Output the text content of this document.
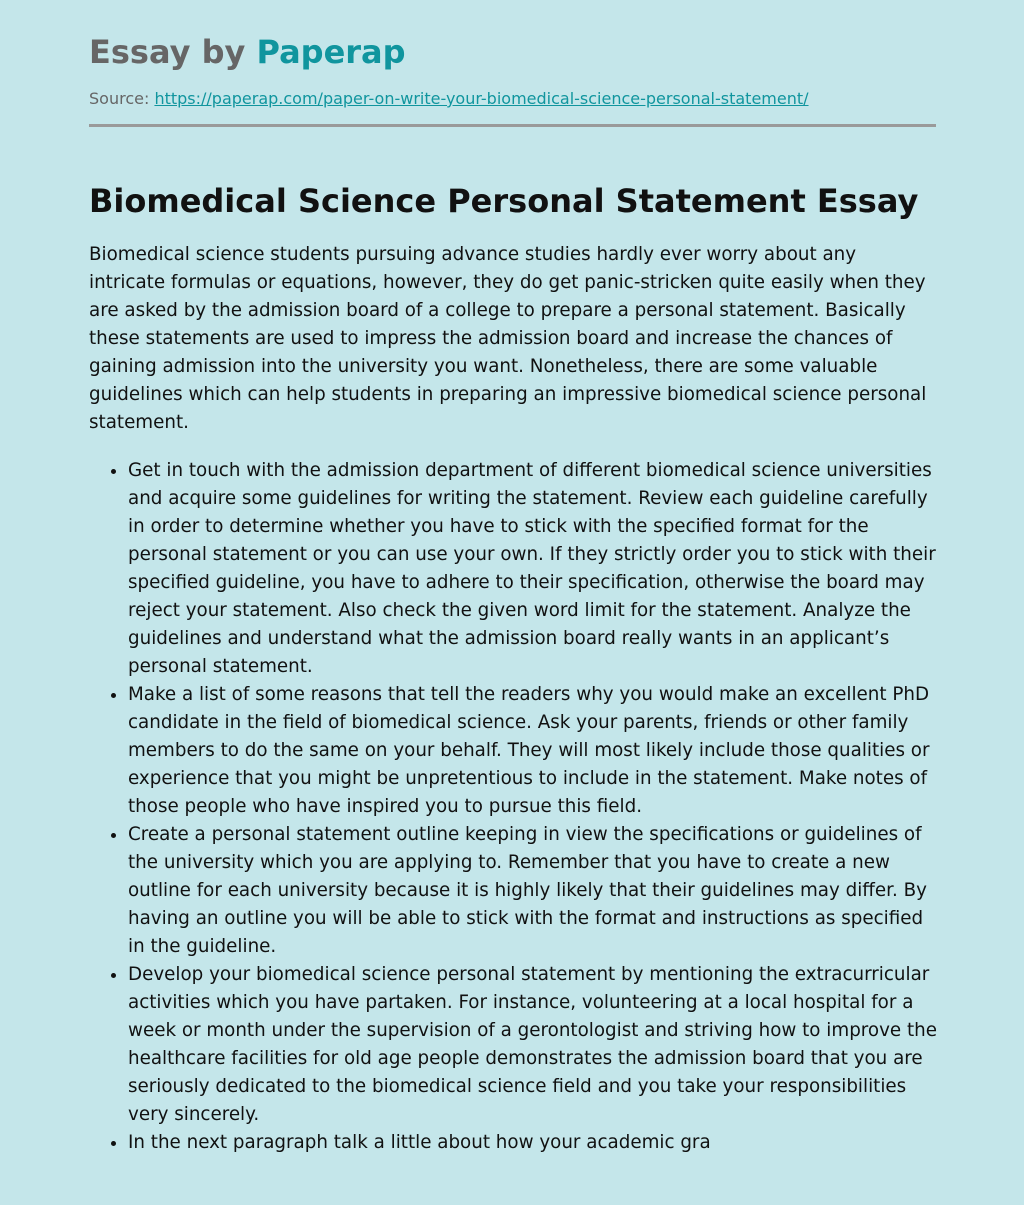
Essay by Paperap

Source: https://paperap.com/paper-on-write-your-biomedical-science-personal-statement/

Biomedical Science Personal Statement Essay

Biomedical science students pursuing advance studies hardly ever worry about any intricate formulas or equations, however, they do get panic-stricken quite easily when they are asked by the admission board of a college to prepare a personal statement. Basically these statements are used to impress the admission board and increase the chances of gaining admission into the university you want. Nonetheless, there are some valuable guidelines which can help students in preparing an impressive biomedical science personal statement.

• Get in touch with the admission department of different biomedical science universities and acquire some guidelines for writing the statement. Review each guideline carefully in order to determine whether you have to stick with the specified format for the personal statement or you can use your own. If they strictly order you to stick with their specified guideline, you have to adhere to their specification, otherwise the board may reject your statement. Also check the given word limit for the statement. Analyze the guidelines and understand what the admission board really wants in an applicant’s personal statement.
• Make a list of some reasons that tell the readers why you would make an excellent PhD candidate in the field of biomedical science. Ask your parents, friends or other family members to do the same on your behalf. They will most likely include those qualities or experience that you might be unpretentious to include in the statement. Make notes of those people who have inspired you to pursue this field.
• Create a personal statement outline keeping in view the specifications or guidelines of the university which you are applying to. Remember that you have to create a new outline for each university because it is highly likely that their guidelines may differ. By having an outline you will be able to stick with the format and instructions as specified in the guideline.
• Develop your biomedical science personal statement by mentioning the extracurricular activities which you have partaken. For instance, volunteering at a local hospital for a week or month under the supervision of a gerontologist and striving how to improve the healthcare facilities for old age people demonstrates the admission board that you are seriously dedicated to the biomedical science field and you take your responsibilities very sincerely.
• In the next paragraph talk a little about how your academic gra
